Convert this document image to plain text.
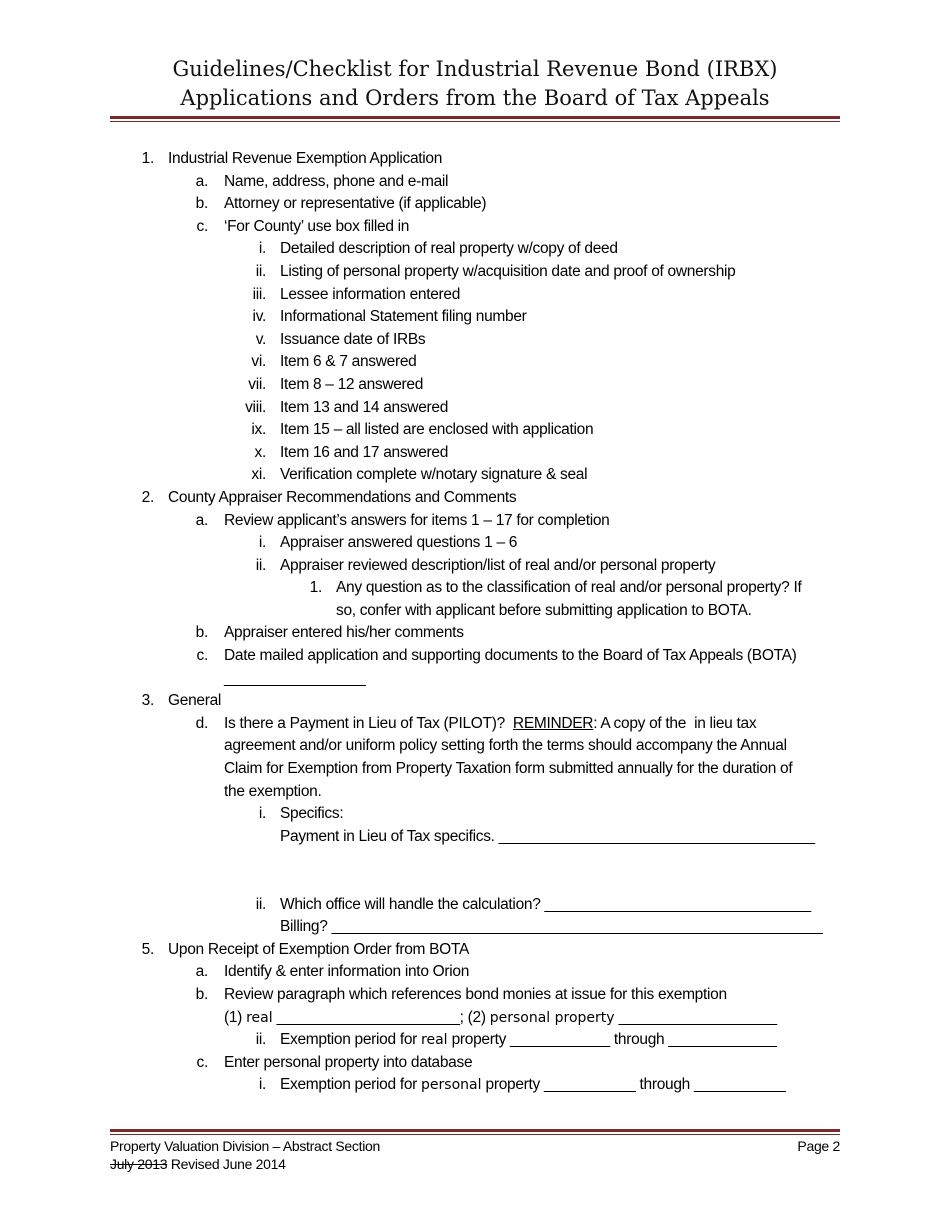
Guidelines/Checklist for Industrial Revenue Bond (IRBX)
Applications and Orders from the Board of Tax Appeals
1. Industrial Revenue Exemption Application
a. Name, address, phone and e-mail
b. Attorney or representative (if applicable)
c. ‘For County’ use box filled in
i. Detailed description of real property w/copy of deed
ii. Listing of personal property w/acquisition date and proof of ownership
iii. Lessee information entered
iv. Informational Statement filing number
v. Issuance date of IRBs
vi. Item 6 & 7 answered
vii. Item 8 – 12 answered
viii. Item 13 and 14 answered
ix. Item 15 – all listed are enclosed with application
x. Item 16 and 17 answered
xi. Verification complete w/notary signature & seal
2. County Appraiser Recommendations and Comments
a. Review applicant’s answers for items 1 – 17 for completion
i. Appraiser answered questions 1 – 6
ii. Appraiser reviewed description/list of real and/or personal property
1. Any question as to the classification of real and/or personal property? If
so, confer with applicant before submitting application to BOTA.
b. Appraiser entered his/her comments
c. Date mailed application and supporting documents to the Board of Tax Appeals (BOTA)
_________________
3. General
d. Is there a Payment in Lieu of Tax (PILOT)?  REMINDER: A copy of the  in lieu tax
agreement and/or uniform policy setting forth the terms should accompany the Annual
Claim for Exemption from Property Taxation form submitted annually for the duration of
the exemption.
i. Specifics:
Payment in Lieu of Tax specifics. ______________________________________
ii. Which office will handle the calculation? ________________________________
Billing? ___________________________________________________________
5. Upon Receipt of Exemption Order from BOTA
a. Identify & enter information into Orion
b. Review paragraph which references bond monies at issue for this exemption
(1) real ______________________; (2) personal property ___________________
ii. Exemption period for real property ____________ through _____________
c. Enter personal property into database
i. Exemption period for personal property ___________ through ___________
Property Valuation Division – Abstract Section
July 2013 Revised June 2014
Page 2
